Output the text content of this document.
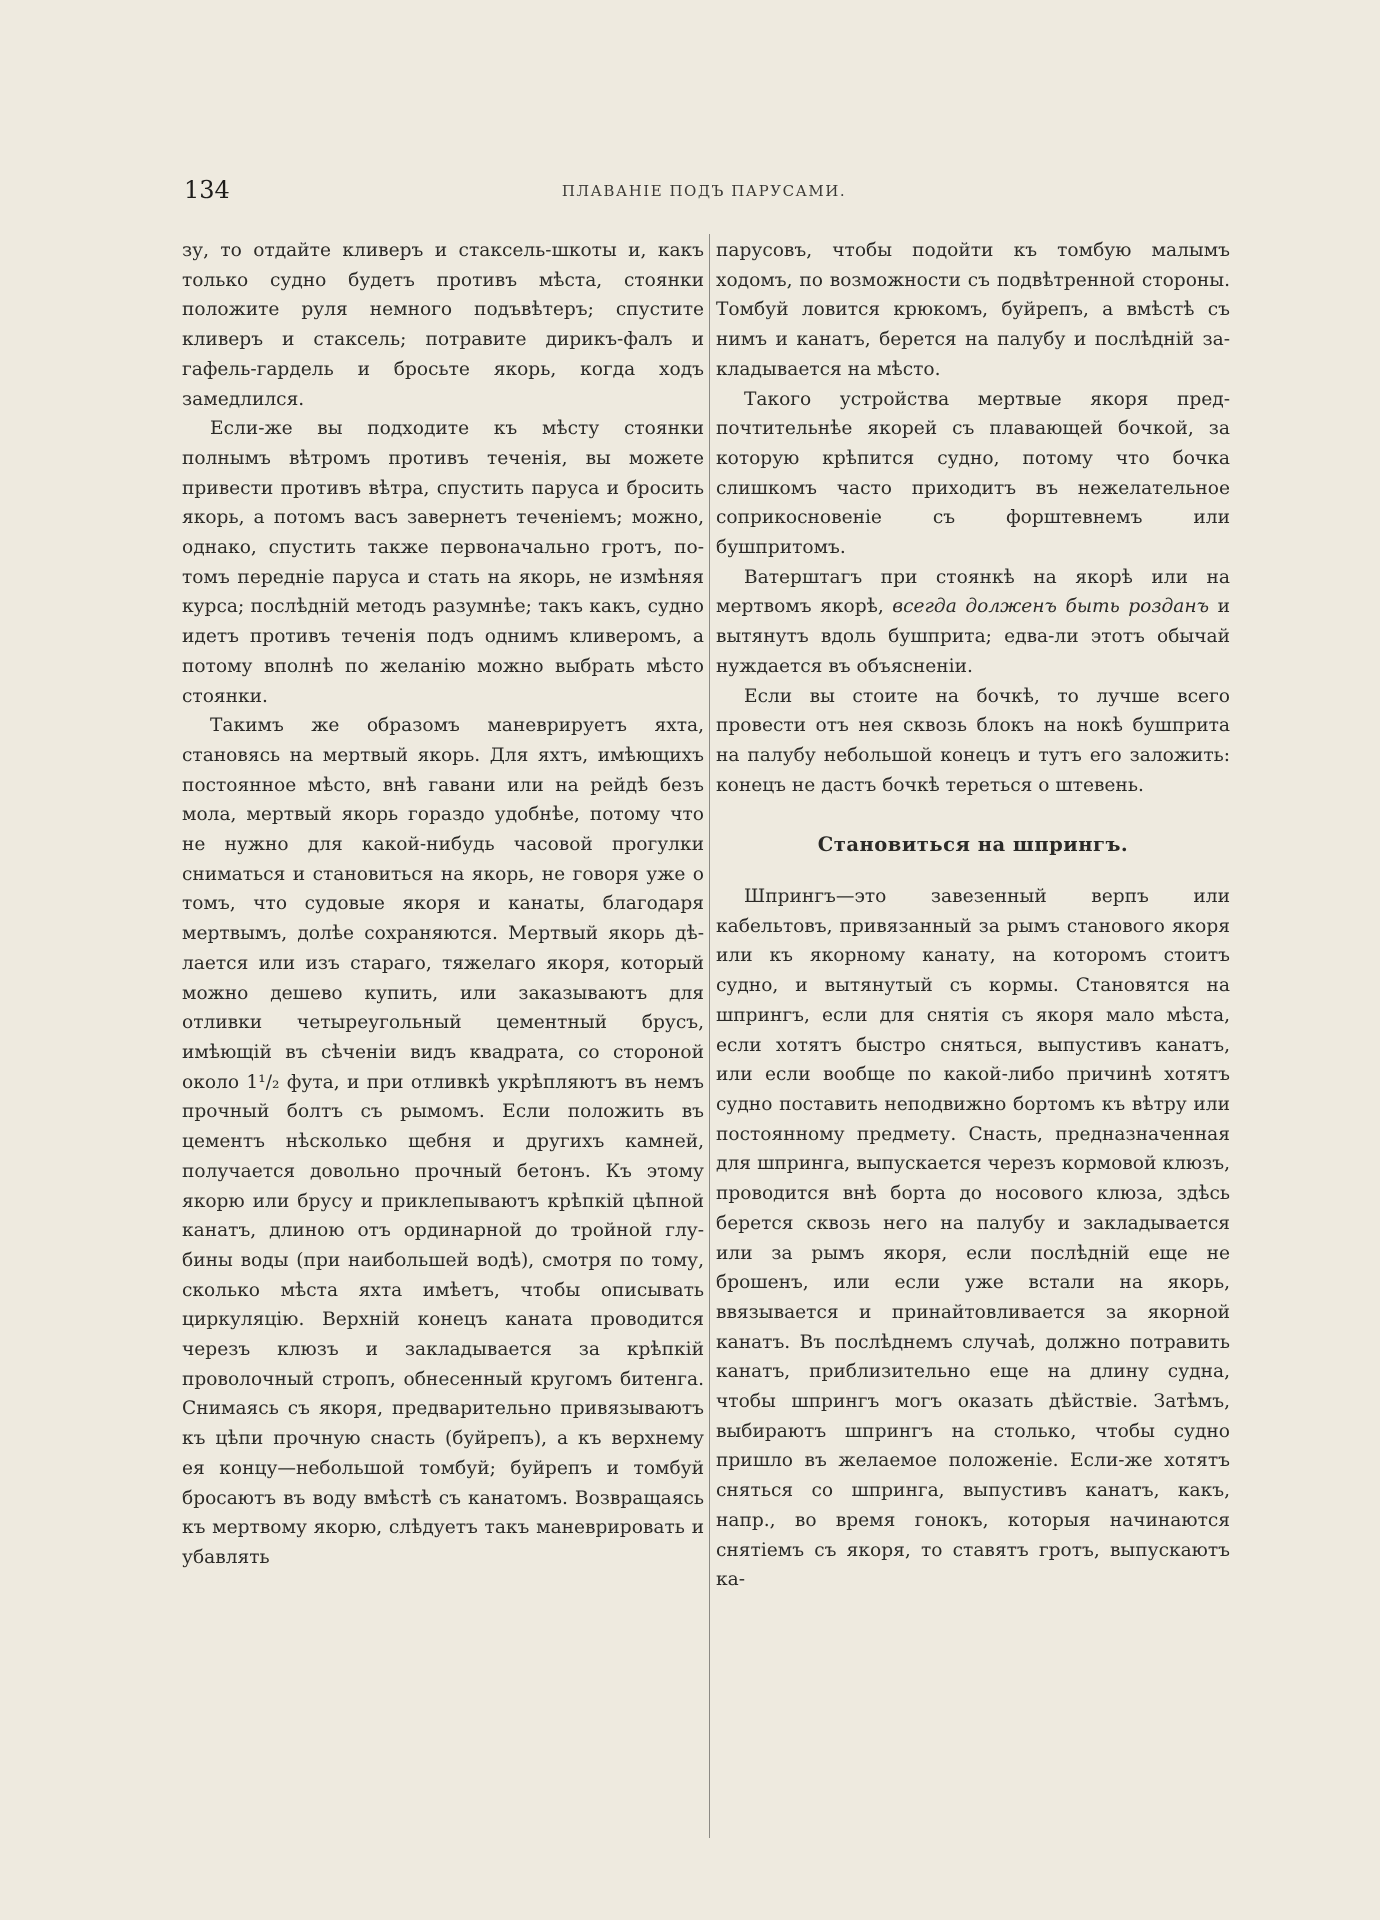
134	ПЛАВАНІЕ ПОДЪ ПАРУСАМИ.

зу, то отдайте кливеръ и стаксель-шкоты и, какъ только судно будетъ противъ мѣста, стоянки положите руля немного подъвѣтеръ; спустите кливеръ и стаксель; потравите дирикъ-фалъ и гафель-гардель и бросьте якорь, когда ходъ замедлился.

Если-же вы подходите къ мѣсту стоянки полнымъ вѣтромъ противъ теченія, вы можете привести противъ вѣтра, спустить паруса и бросить якорь, а потомъ васъ завернетъ теченіемъ; можно, однако, спустить также первоначально гротъ, потомъ передніе паруса и стать на якорь, не измѣняя курса; послѣдній методъ разумнѣе; такъ какъ, судно идетъ противъ теченія подъ однимъ кливеромъ, а потому вполнѣ по желанію можно выбрать мѣсто стоянки.

Такимъ же образомъ маневрируетъ яхта, становясь на мертвый якорь. Для яхтъ, имѣющихъ постоянное мѣсто, внѣ гавани или на рейдѣ безъ мола, мертвый якорь гораздо удобнѣе, потому что не нужно для какой-нибудь часовой прогулки сниматься и становиться на якорь, не говоря уже о томъ, что судовые якоря и канаты, благодаря мертвымъ, долѣе сохраняются. Мертвый якорь дѣлается или изъ стараго, тяжелаго якоря, который можно дешево купить, или заказываютъ для отливки четыреугольный цементный брусъ, имѣющій въ сѣченіи видъ квадрата, со стороной около 1¹/₂ фута, и при отливкѣ укрѣпляютъ въ немъ прочный болтъ съ рымомъ. Если положить въ цементъ нѣсколько щебня и другихъ камней, получается довольно прочный бетонъ. Къ этому якорю или брусу и приклепываютъ крѣпкій цѣпной канатъ, длиною отъ ординарной до тройной глубины воды (при наибольшей водѣ), смотря по тому, сколько мѣста яхта имѣетъ, чтобы описывать циркуляцію. Верхній конецъ каната проводится черезъ клюзъ и закладывается за крѣпкій проволочный стропъ, обнесенный кругомъ битенга. Снимаясь съ якоря, предварительно привязываютъ къ цѣпи прочную снасть (буйрепъ), а къ верхнему ея концу—небольшой томбуй; буйрепъ и томбуй бросаютъ въ воду вмѣстѣ съ канатомъ. Возвращаясь къ мертвому якорю, слѣдуетъ такъ маневрировать и убавлять

парусовъ, чтобы подойти къ томбую малымъ ходомъ, по возможности съ подвѣтренной стороны. Томбуй ловится крюкомъ, буйрепъ, а вмѣстѣ съ нимъ и канатъ, берется на палубу и послѣдній закладывается на мѣсто.

Такого устройства мертвые якоря предпочтительнѣе якорей съ плавающей бочкой, за которую крѣпится судно, потому что бочка слишкомъ часто приходитъ въ нежелательное соприкосновеніе съ форштевнемъ или бушпритомъ.

Ватерштагъ при стоянкѣ на якорѣ или на мертвомъ якорѣ, всегда долженъ быть розданъ и вытянутъ вдоль бушприта; едва-ли этотъ обычай нуждается въ объясненіи.

Если вы стоите на бочкѣ, то лучше всего провести отъ нея сквозь блокъ на нокѣ бушприта на палубу небольшой конецъ и тутъ его заложить: конецъ не дастъ бочкѣ тереться о штевень.

Становиться на шпрингъ.

Шпрингъ—это завезенный верпъ или кабельтовъ, привязанный за рымъ станового якоря или къ якорному канату, на которомъ стоитъ судно, и вытянутый съ кормы. Становятся на шпрингъ, если для снятія съ якоря мало мѣста, если хотятъ быстро сняться, выпустивъ канатъ, или если вообще по какой-либо причинѣ хотятъ судно поставить неподвижно бортомъ къ вѣтру или постоянному предмету. Снасть, предназначенная для шпринга, выпускается черезъ кормовой клюзъ, проводится внѣ борта до носового клюза, здѣсь берется сквозь него на палубу и закладывается или за рымъ якоря, если послѣдній еще не брошенъ, или если уже встали на якорь, ввязывается и принайтовливается за якорной канатъ. Въ послѣднемъ случаѣ, должно потравить канатъ, приблизительно еще на длину судна, чтобы шпрингъ могъ оказать дѣйствіе. Затѣмъ, выбираютъ шпрингъ на столько, чтобы судно пришло въ желаемое положеніе. Если-же хотятъ сняться со шпринга, выпустивъ канатъ, какъ, напр., во время гонокъ, которыя начинаются снятіемъ съ якоря, то ставятъ гротъ, выпускаютъ ка-
